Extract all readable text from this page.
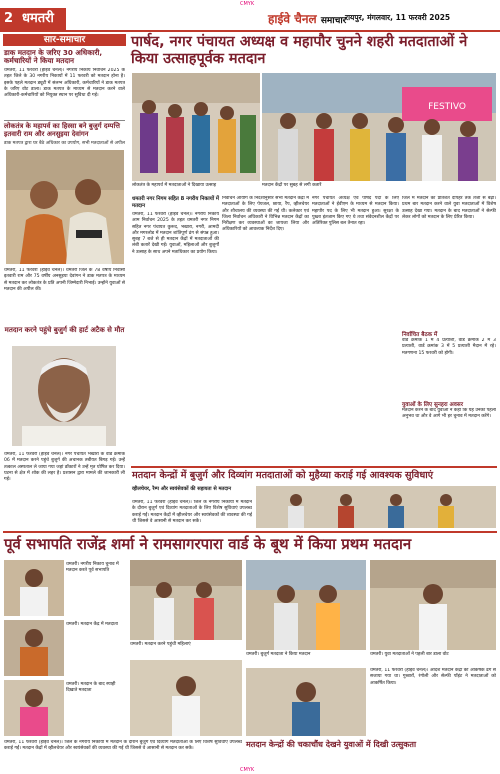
CMYK
CMYK
2 धमतरी	हाईवे चैनल समाचार
रायपुर, मंगलवार, 11 फरवरी 2025
सार-समाचार
डाक मतदान के जरिए 30 अधिकारी, कर्मचारियों ने किया मतदान
धमतरी, 11 फरवरी (हाईवे चैनल)। नगरीय निकाय निर्वाचन 2025 के तहत जिले के 30 नगरीय निकायों में 11 फरवरी को मतदान होना है। इसके पहले मतदान ड्यूटी में संलग्न अधिकारी, कर्मचारियों ने डाक मतपत्र के जरिए वोट डाला। डाक मतपत्र के माध्यम से मतदान करने वाले अधिकारी-कर्मचारियों को नियुक्त स्थान पर सुविधा दी गई।
लोकतंत्र के महापर्व का हिस्सा बने बुजुर्ग दम्पत्ति इतवारी राम और अनसुइया देवांगन
डाक मतपत्र द्वारा घर बैठे अधिकार का उपयोग, सभी मतदाताओं से अपील
धमतरी, 11 फरवरी (हाईवे चैनल)। धमतरी जिले के 78 वर्षीय निवासी इतवारी राम और 75 वर्षीय अनसुइया देवांगन ने डाक मतपत्र के माध्यम से मतदान कर लोकतंत्र के प्रति अपनी जिम्मेदारी निभाई। उन्होंने युवाओं से मतदान की अपील की।
मतदान करने पहुंचे बुजुर्ग की हार्ट अटैक से मौत
धमतरी, 11 फरवरी (हाईवे चैनल)। नगर पंचायत भखारा के वार्ड क्रमांक 06 में मतदान करने पहुंचे बुजुर्ग की अचानक तबीयत बिगड़ गई। उन्हें तत्काल अस्पताल ले जाया गया जहां डॉक्टरों ने उन्हें मृत घोषित कर दिया। घटना से क्षेत्र में शोक की लहर है। प्रशासन द्वारा मामले की जानकारी ली गई।
पार्षद, नगर पंचायत अध्यक्ष व महापौर चुनने शहरी मतदाताओं ने किया उत्साहपूर्वक मतदान
FESTIVO
लोकतंत्र के महापर्व में मतदाताओं ने दिखाया उत्साह	मतदान केंद्रों पर सुबह से लगी कतारें
धमतरी नगर निगम सहित 8 नगरीय निकायों में मतदान
धमतरी, 11 फरवरी (हाईवे चैनल)। नगरीय निकाय आम निर्वाचन 2025 के तहत धमतरी नगर निगम सहित नगर पंचायत कुरूद, भखारा, नगरी, आमदी और मगरलोड में मतदान शांतिपूर्ण ढंग से संपन्न हुआ। सुबह 7 बजे से ही मतदान केंद्रों में मतदाताओं की लंबी कतारें देखी गईं। युवाओं, महिलाओं और बुजुर्गों ने उत्साह के साथ अपने मताधिकार का प्रयोग किया।
निर्वाचन आयोग के निर्देशानुसार सभी मतदान केंद्रों में मतदाताओं के लिए पेयजल, छाया, रैंप, व्हीलचेयर और शौचालय की व्यवस्था की गई थी। कलेक्टर एवं जिला निर्वाचन अधिकारी ने विभिन्न मतदान केंद्रों का निरीक्षण कर व्यवस्थाओं का जायजा लिया और अधिकारियों को आवश्यक निर्देश दिए।
नगर पंचायत अध्यक्ष एवं पार्षद पदों के लिए मतदाताओं ने ईवीएम के माध्यम से मतदान किया। महापौर पद के लिए भी मतदान हुआ। सुरक्षा के पुख्ता इंतजाम किए गए थे तथा संवेदनशील केंद्रों पर अतिरिक्त पुलिस बल तैनात रहा।
जिले में मतदान का प्रतिशत दोपहर तक तेजी से बढ़ा। प्रथम बार मतदान करने वाले युवा मतदाताओं में विशेष उत्साह देखा गया। मतदान के बाद मतदाताओं ने सेल्फी लेकर लोगों को मतदान के लिए प्रेरित किया।
निर्वाचित बैठक में
वार्ड क्रमांक 1 में 4 प्रत्याशी, वार्ड क्रमांक 2 में 3 प्रत्याशी, वार्ड क्रमांक 3 में 5 प्रत्याशी मैदान में रहे। मतगणना 15 फरवरी को होगी।
युवाओं के लिए सुनहरा अवसर
मतदान करने के बाद युवाओं ने कहा कि यह उनका पहला अनुभव था और वे आगे भी हर चुनाव में मतदान करेंगे।
मतदान केन्द्रों में बुजुर्ग और दिव्यांग मतदाताओं को मुहैय्या कराई गई आवश्यक सुविधाएं
व्हीलचेयर, रैम्प और स्वयंसेवकों की सहायता से मतदान
धमतरी, 11 फरवरी (हाईवे चैनल)। जिले के नगरीय निकायों में मतदान के दौरान बुजुर्ग एवं दिव्यांग मतदाताओं के लिए विशेष सुविधाएं उपलब्ध कराई गईं। मतदान केंद्रों में व्हीलचेयर और स्वयंसेवकों की व्यवस्था की गई थी जिससे वे आसानी से मतदान कर सकें।
पूर्व सभापति राजेंद्र शर्मा ने रामसागरपारा वार्ड के बूथ में किया प्रथम मतदान
धमतरी। नगरीय निकाय चुनाव में मतदान करते पूर्व सभापति
धमतरी। मतदान केंद्र में मतदाता
धमतरी। मतदान के बाद स्याही दिखाते मतदाता
धमतरी। मतदान करने पहुंची महिलाएं
धमतरी। बुजुर्ग मतदाता ने किया मतदान	धमतरी। युवा मतदाताओं ने पहली बार डाला वोट
मतदान केन्द्रों की चकाचौंध देखने युवाओं में दिखी उत्सुकता
धमतरी, 11 फरवरी (हाईवे चैनल)। आदर्श मतदान केंद्रों को आकर्षक ढंग से सजाया गया था। गुब्बारों, रंगोली और सेल्फी पॉइंट ने मतदाताओं को आकर्षित किया।
धमतरी, 11 फरवरी (हाईवे चैनल)। जिले के नगरीय निकायों में मतदान के दौरान बुजुर्ग एवं दिव्यांग मतदाताओं के लिए विशेष सुविधाएं उपलब्ध कराई गईं। मतदान केंद्रों में व्हीलचेयर और स्वयंसेवकों की व्यवस्था की गई थी जिससे वे आसानी से मतदान कर सकें।
